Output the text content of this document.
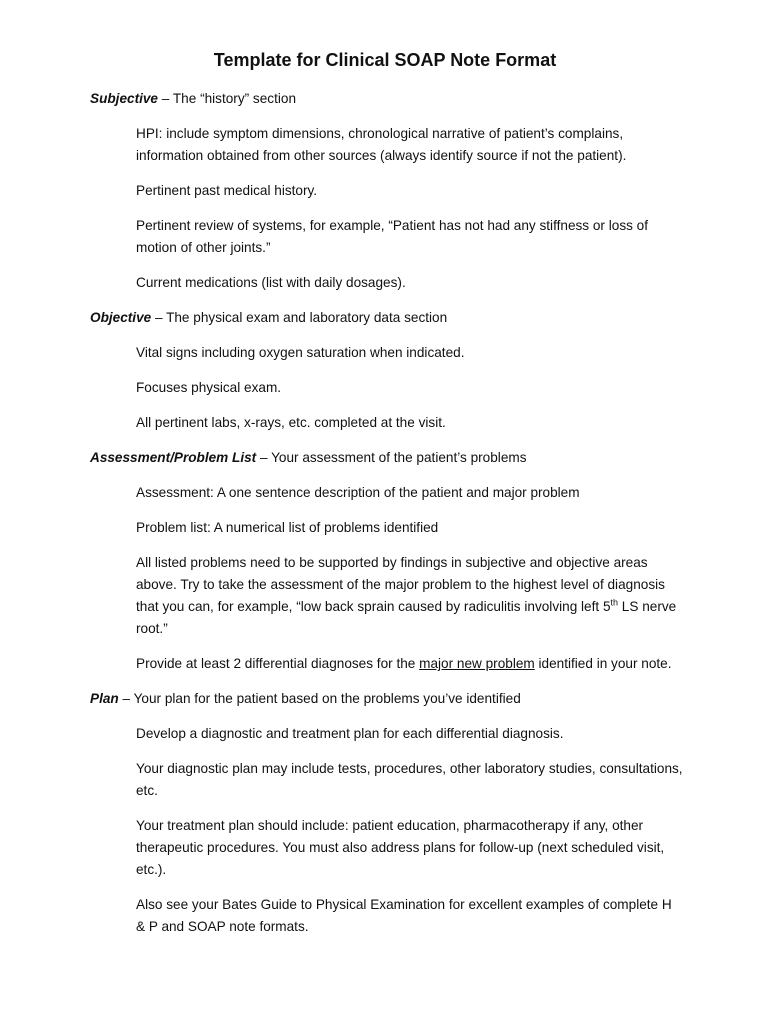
Template for Clinical SOAP Note Format

Subjective – The “history” section

HPI: include symptom dimensions, chronological narrative of patient’s complains, information obtained from other sources (always identify source if not the patient).

Pertinent past medical history.

Pertinent review of systems, for example, “Patient has not had any stiffness or loss of motion of other joints.”

Current medications (list with daily dosages).

Objective – The physical exam and laboratory data section

Vital signs including oxygen saturation when indicated.

Focuses physical exam.

All pertinent labs, x-rays, etc. completed at the visit.

Assessment/Problem List – Your assessment of the patient’s problems

Assessment: A one sentence description of the patient and major problem

Problem list: A numerical list of problems identified

All listed problems need to be supported by findings in subjective and objective areas above. Try to take the assessment of the major problem to the highest level of diagnosis that you can, for example, “low back sprain caused by radiculitis involving left 5th LS nerve root.”

Provide at least 2 differential diagnoses for the major new problem identified in your note.

Plan – Your plan for the patient based on the problems you’ve identified

Develop a diagnostic and treatment plan for each differential diagnosis.

Your diagnostic plan may include tests, procedures, other laboratory studies, consultations, etc.

Your treatment plan should include: patient education, pharmacotherapy if any, other therapeutic procedures. You must also address plans for follow-up (next scheduled visit, etc.).

Also see your Bates Guide to Physical Examination for excellent examples of complete H & P and SOAP note formats.
